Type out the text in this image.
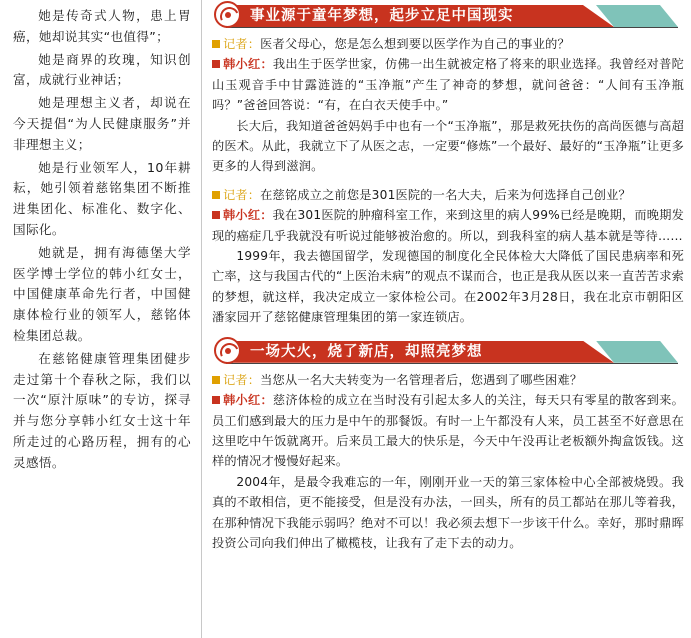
她是传奇式人物，患上胃癌，她却说其实“也值得”；

她是商界的玫瑰，知识创富，成就行业神话；

她是理想主义者，却说在今天提倡“为人民健康服务”并非理想主义；

她是行业领军人，10年耕耘，她引领着慈铭集团不断推进集团化、标准化、数字化、国际化。

她就是，拥有海德堡大学医学博士学位的韩小红女士，中国健康革命先行者，中国健康体检行业的领军人，慈铭体检集团总裁。

在慈铭健康管理集团健步走过第十个春秋之际，我们以一次“原汁原味”的专访，探寻并与您分享韩小红女士这十年所走过的心路历程，拥有的心灵感悟。

事业源于童年梦想，起步立足中国现实

记者：医者父母心，您是怎么想到要以医学作为自己的事业的？

韩小红：我出生于医学世家，仿佛一出生就被定格了将来的职业选择。我曾经对普陀山玉观音手中甘露涟涟的“玉净瓶”产生了神奇的梦想，就问爸爸：“人间有玉净瓶吗？”爸爸回答说：“有，在白衣天使手中。”

长大后，我知道爸爸妈妈手中也有一个“玉净瓶”，那是救死扶伤的高尚医德与高超的医术。从此，我就立下了从医之志，一定要“修炼”一个最好、最好的“玉净瓶”让更多更多的人得到滋润。

记者：在慈铭成立之前您是301医院的一名大夫，后来为何选择自己创业？

韩小红：我在301医院的肿瘤科室工作，来到这里的病人99%已经是晚期，而晚期发现的癌症几乎我就没有听说过能够被治愈的。所以，到我科室的病人基本就是等待……

1999年，我去德国留学，发现德国的制度化全民体检大大降低了国民患病率和死亡率，这与我国古代的“上医治未病”的观点不谋而合，也正是我从医以来一直苦苦求索的梦想，就这样，我决定成立一家体检公司。在2002年3月28日，我在北京市朝阳区潘家园开了慈铭健康管理集团的第一家连锁店。

一场大火，烧了新店，却照亮梦想

记者：当您从一名大夫转变为一名管理者后，您遇到了哪些困难？

韩小红：慈济体检的成立在当时没有引起太多人的关注，每天只有零星的散客到来。员工们感到最大的压力是中午的那餐饭。有时一上午都没有人来，员工甚至不好意思在这里吃中午饭就离开。后来员工最大的快乐是，今天中午没再让老板额外掏盒饭钱。这样的情况才慢慢好起来。

2004年，是最令我难忘的一年，刚刚开业一天的第三家体检中心全部被烧毁。我真的不敢相信，更不能接受，但是没有办法，一回头，所有的员工都站在那儿等着我，在那种情况下我能示弱吗？绝对不可以！我必须去想下一步该干什么。幸好，那时鼎晖投资公司向我们伸出了橄榄枝，让我有了走下去的动力。
